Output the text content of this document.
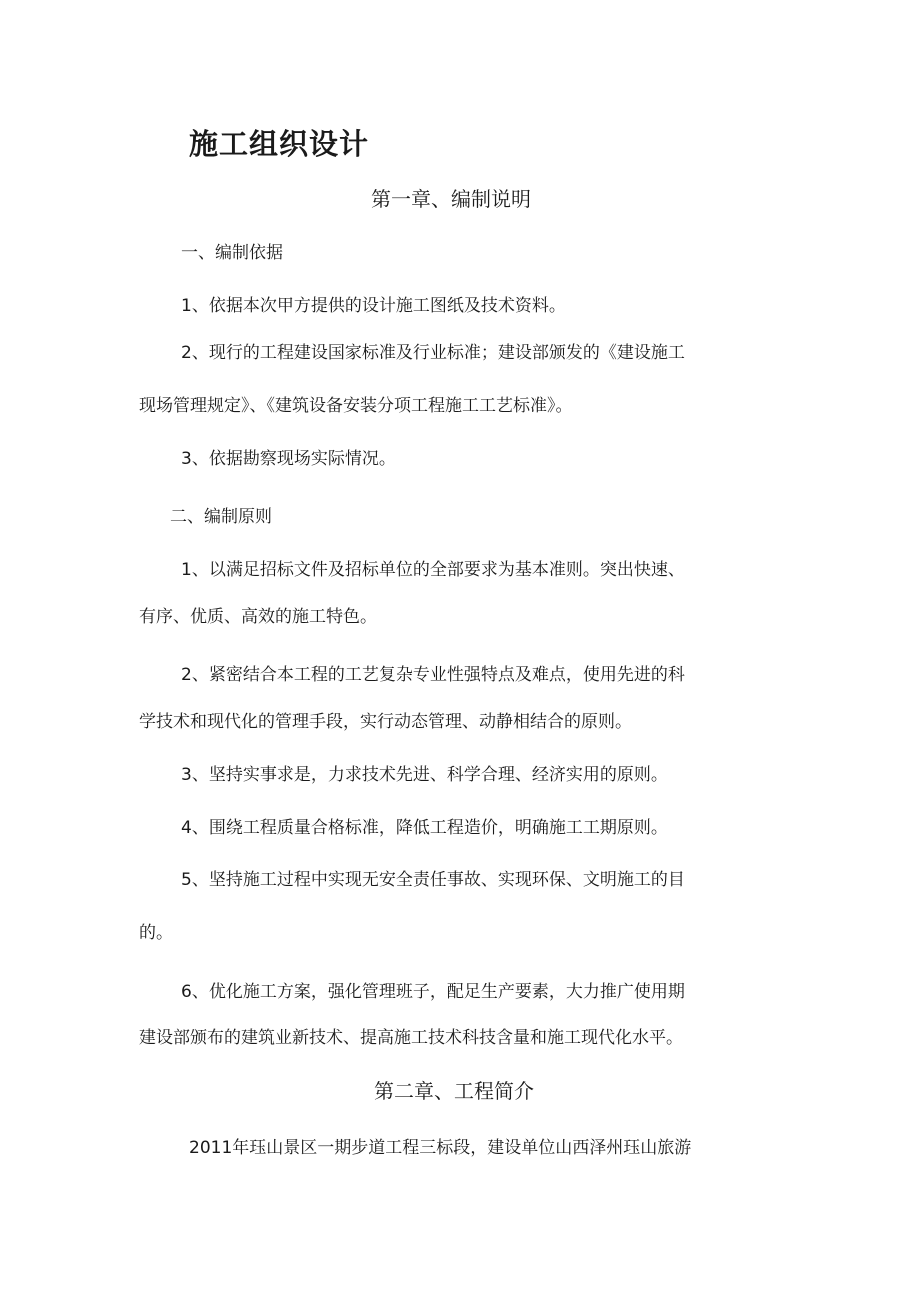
施工组织设计
第一章、编制说明
一、编制依据
1、依据本次甲方提供的设计施工图纸及技术资料。
2、现行的工程建设国家标准及行业标准；建设部颁发的《建设施工
现场管理规定》、《建筑设备安装分项工程施工工艺标准》。
3、依据勘察现场实际情况。
二、编制原则
1、以满足招标文件及招标单位的全部要求为基本准则。突出快速、
有序、优质、高效的施工特色。
2、紧密结合本工程的工艺复杂专业性强特点及难点，使用先进的科
学技术和现代化的管理手段，实行动态管理、动静相结合的原则。
3、坚持实事求是，力求技术先进、科学合理、经济实用的原则。
4、围绕工程质量合格标准，降低工程造价，明确施工工期原则。
5、坚持施工过程中实现无安全责任事故、实现环保、文明施工的目
的。
6、优化施工方案，强化管理班子，配足生产要素，大力推广使用期
建设部颁布的建筑业新技术、提高施工技术科技含量和施工现代化水平。
第二章、工程简介
2011年珏山景区一期步道工程三标段，建设单位山西泽州珏山旅游
